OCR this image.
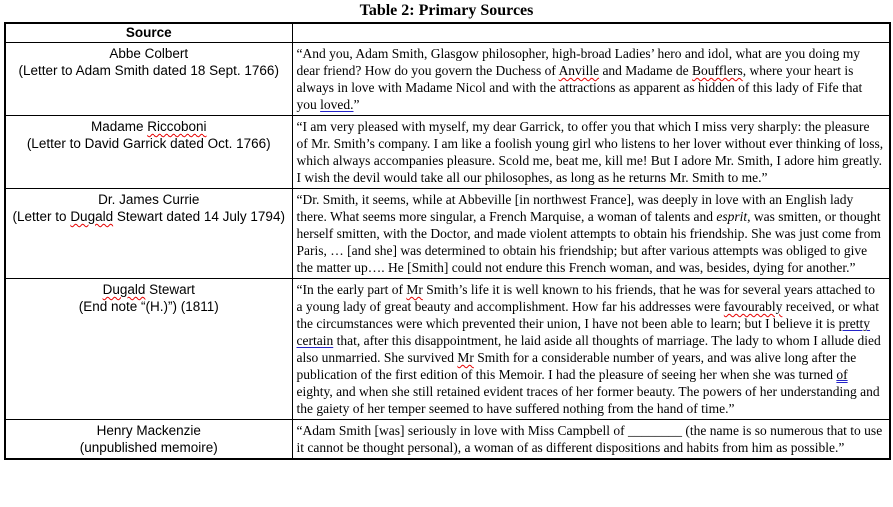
Table 2: Primary Sources
Source	

Abbe Colbert
(Letter to Adam Smith dated 18 Sept. 1766)	“And you, Adam Smith, Glasgow philosopher, high-broad Ladies’ hero and idol, what are you doing my dear friend? How do you govern the Duchess of Anville and Madame de Boufflers, where your heart is always in love with Madame Nicol and with the attractions as apparent as hidden of this lady of Fife that you loved.”

Madame Riccoboni
(Letter to David Garrick dated Oct. 1766)	“I am very pleased with myself, my dear Garrick, to offer you that which I miss very sharply: the pleasure of Mr. Smith’s company. I am like a foolish young girl who listens to her lover without ever thinking of loss, which always accompanies pleasure. Scold me, beat me, kill me! But I adore Mr. Smith, I adore him greatly. I wish the devil would take all our philosophes, as long as he returns Mr. Smith to me.”

Dr. James Currie
(Letter to Dugald Stewart dated 14 July 1794)	“Dr. Smith, it seems, while at Abbeville [in northwest France], was deeply in love with an English lady there. What seems more singular, a French Marquise, a woman of talents and esprit, was smitten, or thought herself smitten, with the Doctor, and made violent attempts to obtain his friendship. She was just come from Paris, … [and she] was determined to obtain his friendship; but after various attempts was obliged to give the matter up…. He [Smith] could not endure this French woman, and was, besides, dying for another.”

Dugald Stewart
(End note “(H.)”) (1811)	“In the early part of Mr Smith’s life it is well known to his friends, that he was for several years attached to a young lady of great beauty and accomplishment. How far his addresses were favourably received, or what the circumstances were which prevented their union, I have not been able to learn; but I believe it is pretty certain that, after this disappointment, he laid aside all thoughts of marriage. The lady to whom I allude died also unmarried. She survived Mr Smith for a considerable number of years, and was alive long after the publication of the first edition of this Memoir. I had the pleasure of seeing her when she was turned of eighty, and when she still retained evident traces of her former beauty. The powers of her understanding and the gaiety of her temper seemed to have suffered nothing from the hand of time.”

Henry Mackenzie
(unpublished memoire)	“Adam Smith [was] seriously in love with Miss Campbell of ________ (the name is so numerous that to use it cannot be thought personal), a woman of as different dispositions and habits from him as possible.”
